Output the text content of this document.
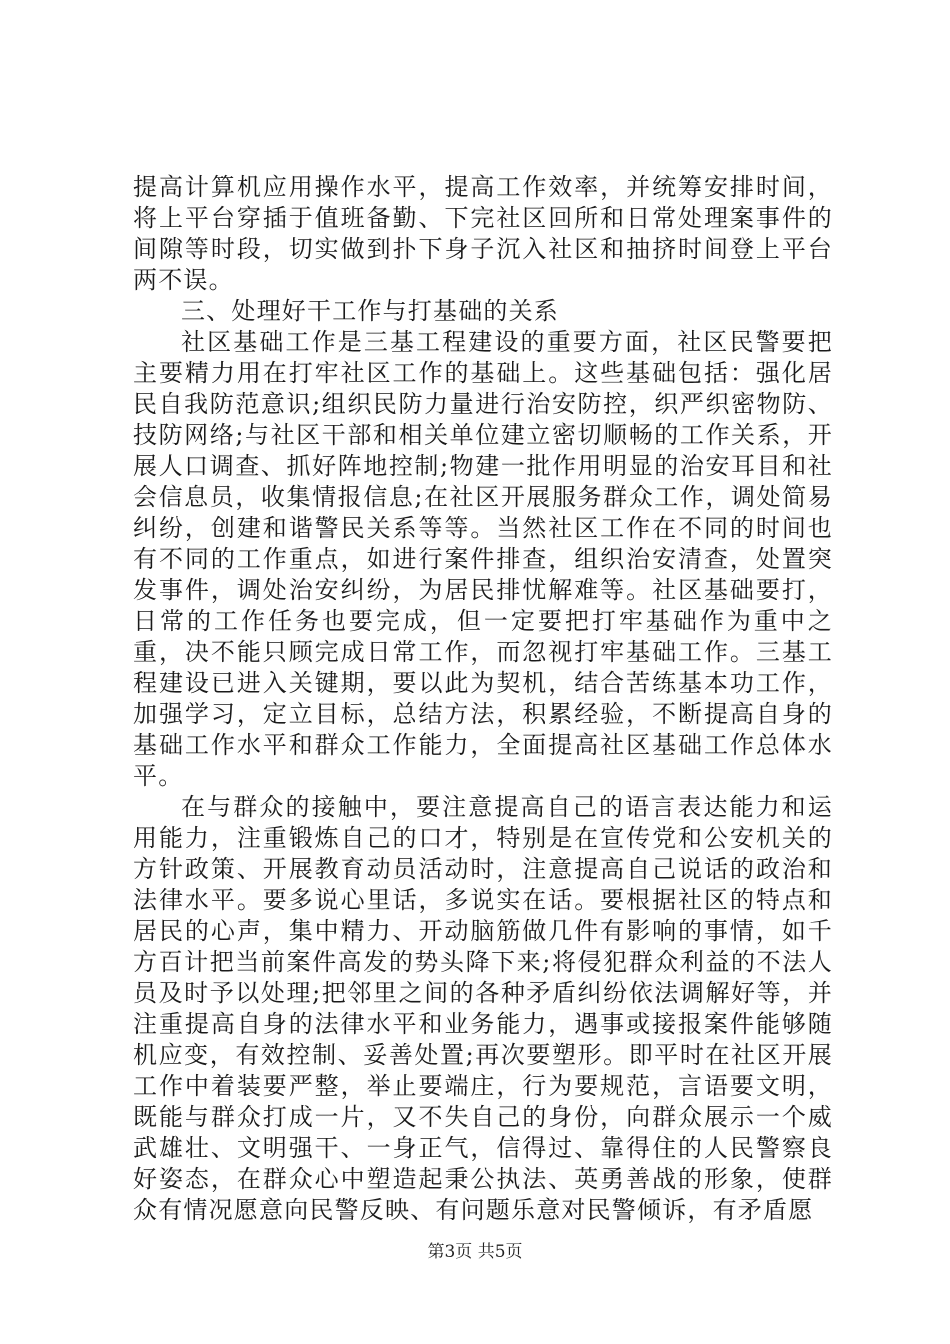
提高计算机应用操作水平，提高工作效率，并统筹安排时间，将上平台穿插于值班备勤、下完社区回所和日常处理案事件的间隙等时段，切实做到扑下身子沉入社区和抽挤时间登上平台两不误。

三、处理好干工作与打基础的关系

社区基础工作是三基工程建设的重要方面，社区民警要把主要精力用在打牢社区工作的基础上。这些基础包括：强化居民自我防范意识;组织民防力量进行治安防控，织严织密物防、技防网络;与社区干部和相关单位建立密切顺畅的工作关系，开展人口调查、抓好阵地控制;物建一批作用明显的治安耳目和社会信息员，收集情报信息;在社区开展服务群众工作，调处简易纠纷，创建和谐警民关系等等。当然社区工作在不同的时间也有不同的工作重点，如进行案件排查，组织治安清查，处置突发事件，调处治安纠纷，为居民排忧解难等。社区基础要打，日常的工作任务也要完成，但一定要把打牢基础作为重中之重，决不能只顾完成日常工作，而忽视打牢基础工作。三基工程建设已进入关键期，要以此为契机，结合苦练基本功工作，加强学习，定立目标，总结方法，积累经验，不断提高自身的基础工作水平和群众工作能力，全面提高社区基础工作总体水平。

在与群众的接触中，要注意提高自己的语言表达能力和运用能力，注重锻炼自己的口才，特别是在宣传党和公安机关的方针政策、开展教育动员活动时，注意提高自己说话的政治和法律水平。要多说心里话，多说实在话。要根据社区的特点和居民的心声，集中精力、开动脑筋做几件有影响的事情，如千方百计把当前案件高发的势头降下来;将侵犯群众利益的不法人员及时予以处理;把邻里之间的各种矛盾纠纷依法调解好等，并注重提高自身的法律水平和业务能力，遇事或接报案件能够随机应变，有效控制、妥善处置;再次要塑形。即平时在社区开展工作中着装要严整，举止要端庄，行为要规范，言语要文明，既能与群众打成一片，又不失自己的身份，向群众展示一个威武雄壮、文明强干、一身正气，信得过、靠得住的人民警察良好姿态，在群众心中塑造起秉公执法、英勇善战的形象，使群众有情况愿意向民警反映、有问题乐意对民警倾诉，有矛盾愿

第3页 共5页
